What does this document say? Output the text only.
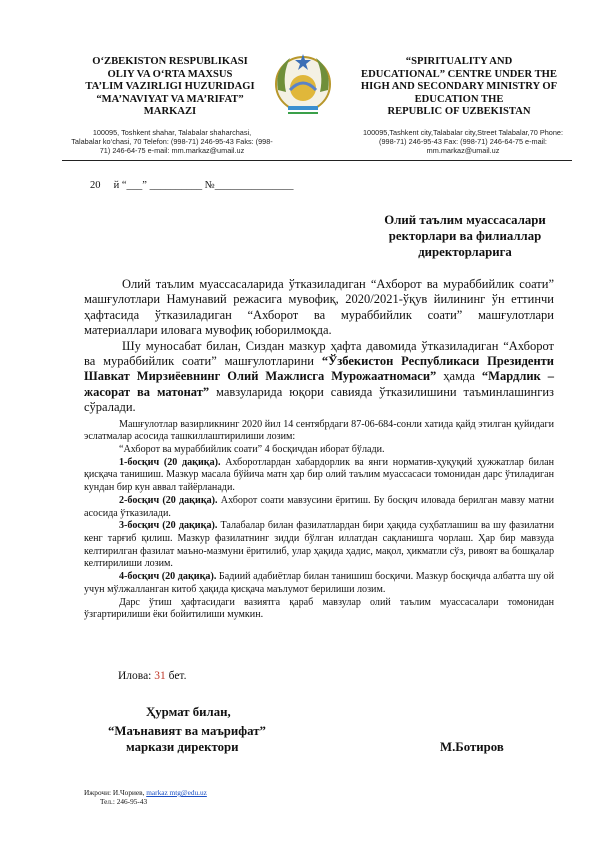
O‘ZBEKISTON RESPUBLIKASI
OLIY VA O‘RTA MAXSUS
TA’LIM VAZIRLIGI HUZURIDAGI
“MA’NAVIYAT VA MA’RIFAT”
MARKAZI
100095, Toshkent shahar, Talabalar shaharchasi,
Talabalar ko‘chasi, 70 Telefon: (998-71) 246-95-43 Faks: (998-
71) 246-64-75 e-mail: mm.markaz@umail.uz
“SPIRITUALITY AND
EDUCATIONAL” CENTRE UNDER THE
HIGH AND SECONDARY MINISTRY OF
EDUCATION THE
REPUBLIC OF UZBEKISTAN
100095,Tashkent city,Talabalar city,Street Talabalar,70 Phone:
(998-71) 246-95-43 Fax: (998-71) 246-64-75 e-mail:
mm.markaz@umail.uz
20     й “___” __________ №_______________
Олий таълим муассасалари
ректорлари ва филиаллар
директорларига

Олий таълим муассасаларида ўтказиладиган “Ахборот ва мураббийлик соати” машғулотлари Намунавий режасига мувофиқ, 2020/2021-ўқув йилининг ўн еттинчи ҳафтасида ўтказиладиган “Ахборот ва мураббийлик соати” машғулотлари материаллари иловага мувофиқ юборилмоқда.

Шу муносабат билан, Сиздан мазкур ҳафта давомида ўтказиладиган “Ахборот ва мураббийлик соати” машғулотларини “Ўзбекистон Республикаси Президенти Шавкат Мирзиёевнинг Олий Мажлисга Мурожаатномаси” ҳамда “Мардлик – жасорат ва матонат” мавзуларида юқори савияда ўтказилишини таъминлашингиз сўралади.

Машғулотлар вазирликнинг 2020 йил 14 сентябрдаги 87-06-684-сонли хатида қайд этилган қуйидаги эслатмалар асосида ташкиллаштирилиши лозим:

“Ахборот ва мураббийлик соати” 4 босқичдан иборат бўлади.

1-босқич (20 дақиқа). Ахборотлардан хабардорлик ва янги норматив-ҳуқуқий ҳужжатлар билан қисқача танишиш. Мазкур масала бўйича матн ҳар бир олий таълим муассасаси томонидан дарс ўтиладиган кундан бир кун аввал тайёрланади.

2-босқич (20 дақиқа). Ахборот соати мавзусини ёритиш. Бу босқич иловада берилган мавзу матни асосида ўтказилади.

3-босқич (20 дақиқа). Талабалар билан фазилатлардан бири ҳақида суҳбатлашиш ва шу фазилатни кенг тарғиб қилиш. Мазкур фазилатнинг зидди бўлган иллатдан сақланишга чорлаш. Ҳар бир мавзуда келтирилган фазилат маъно-мазмуни ёритилиб, улар ҳақида ҳадис, мақол, ҳикматли сўз, ривоят ва бошқалар келтирилиши лозим.

4-босқич (20 дақиқа). Бадиий адабиётлар билан танишиш босқичи. Мазкур босқичда албатта шу ой учун мўлжалланган китоб ҳақида қисқача маълумот берилиши лозим.

Дарс ўтиш ҳафтасидаги вазиятга қараб мавзулар олий таълим муассасалари томонидан ўзгартирилиши ёки бойитилиши мумкин.

Илова: 31 бет.
Ҳурмат билан,
“Маънавият ва маърифат”
маркази директори	М.Ботиров
Ижрочи: И.Чориев, markaz mtg@edu.uz
Тел.: 246-95-43
